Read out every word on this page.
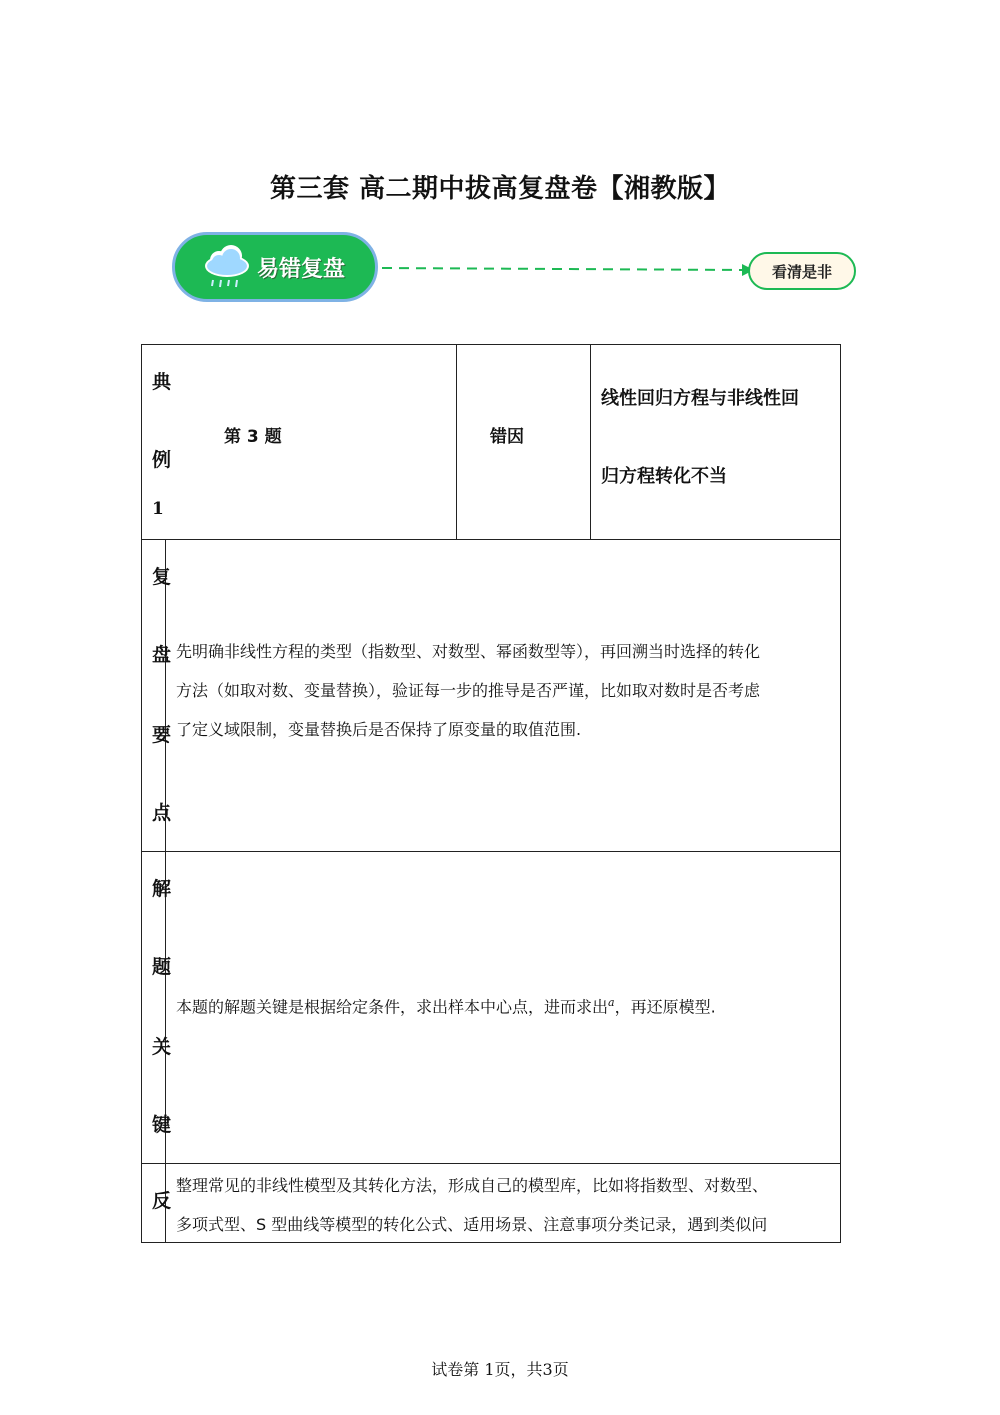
第三套 高二期中拔高复盘卷【湘教版】
易错复盘	看清是非
典
例
1
第 3 题	错因
线性回归方程与非线性回
归方程转化不当
复
盘
要
点
先明确非线性方程的类型（指数型、对数型、幂函数型等），再回溯当时选择的转化
方法（如取对数、变量替换），验证每一步的推导是否严谨，比如取对数时是否考虑
了定义域限制，变量替换后是否保持了原变量的取值范围.
解
题
关
键
本题的解题关键是根据给定条件，求出样本中心点，进而求出$^a$，再还原模型.
反
整理常见的非线性模型及其转化方法，形成自己的模型库，比如将指数型、对数型、
多项式型、S 型曲线等模型的转化公式、适用场景、注意事项分类记录，遇到类似问
试卷第 1页，共3页
